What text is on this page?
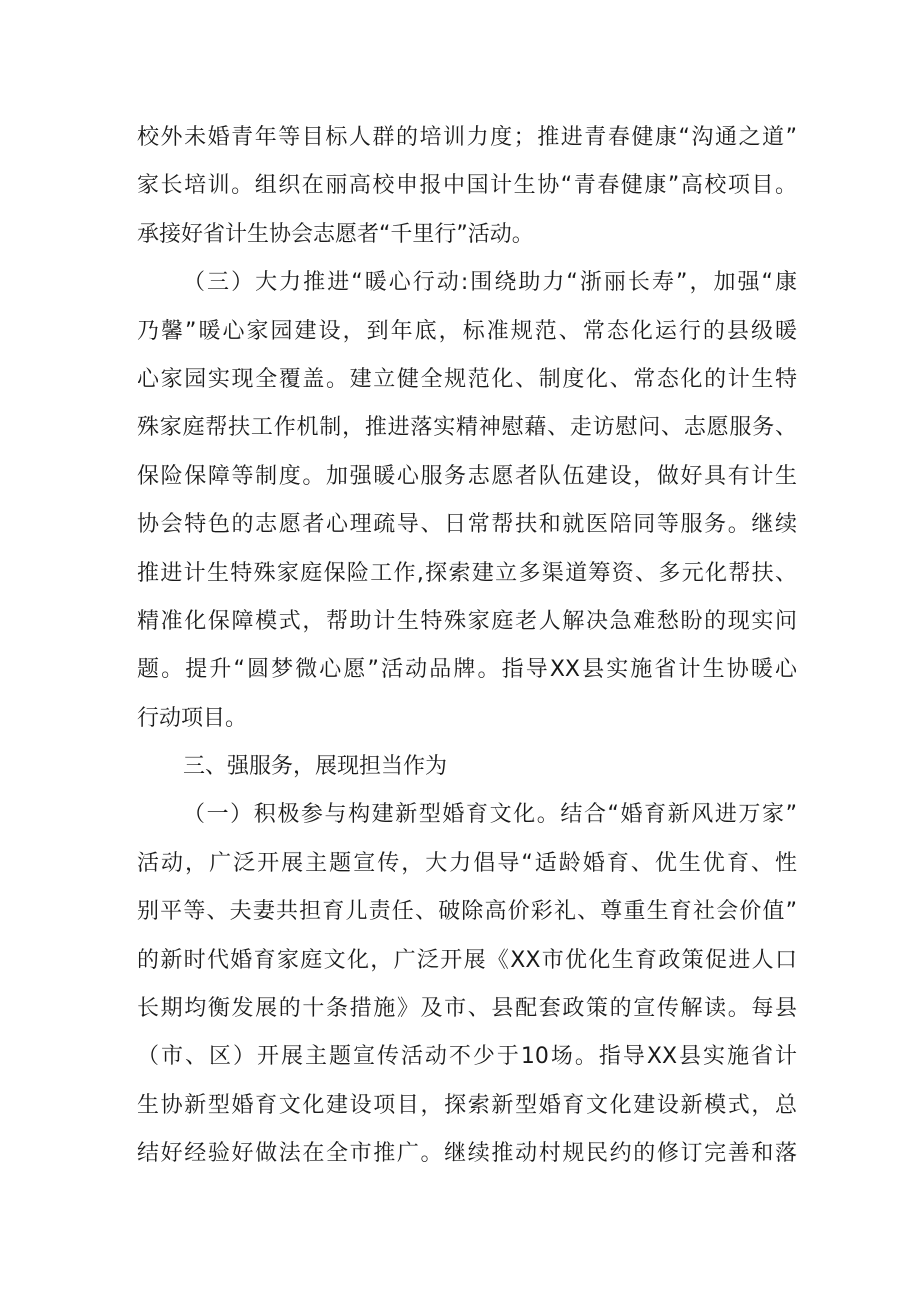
校外未婚青年等目标人群的培训力度；推进青春健康“沟通之道”
家长培训。组织在丽高校申报中国计生协“青春健康”高校项目。
承接好省计生协会志愿者“千里行”活动。
（三）大力推进“暖心行动:围绕助力“浙丽长寿”，加强“康
乃馨”暖心家园建设，到年底，标准规范、常态化运行的县级暖
心家园实现全覆盖。建立健全规范化、制度化、常态化的计生特
殊家庭帮扶工作机制，推进落实精神慰藉、走访慰问、志愿服务、
保险保障等制度。加强暖心服务志愿者队伍建设，做好具有计生
协会特色的志愿者心理疏导、日常帮扶和就医陪同等服务。继续
推进计生特殊家庭保险工作,探索建立多渠道筹资、多元化帮扶、
精准化保障模式，帮助计生特殊家庭老人解决急难愁盼的现实问
题。提升“圆梦微心愿”活动品牌。指导XX县实施省计生协暖心
行动项目。
三、强服务，展现担当作为
（一）积极参与构建新型婚育文化。结合“婚育新风进万家”
活动，广泛开展主题宣传，大力倡导“适龄婚育、优生优育、性
别平等、夫妻共担育儿责任、破除高价彩礼、尊重生育社会价值”
的新时代婚育家庭文化，广泛开展《XX市优化生育政策促进人口
长期均衡发展的十条措施》及市、县配套政策的宣传解读。每县
（市、区）开展主题宣传活动不少于10场。指导XX县实施省计
生协新型婚育文化建设项目，探索新型婚育文化建设新模式，总
结好经验好做法在全市推广。继续推动村规民约的修订完善和落
